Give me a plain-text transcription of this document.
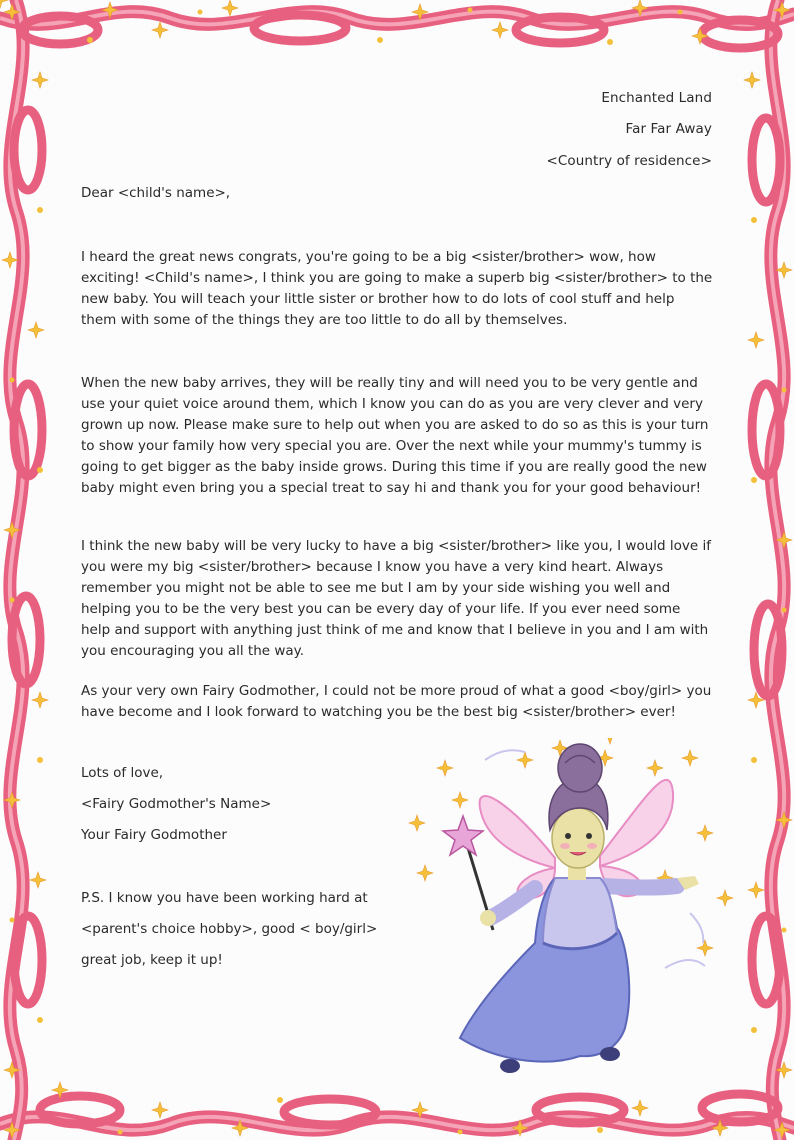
Enchanted Land
Far Far Away
<Country of residence>
Dear <child's name>,

I heard the great news congrats, you're going to be a big <sister/brother> wow, how exciting! <Child's name>, I think you are going to make a superb big <sister/brother> to the new baby. You will teach your little sister or brother how to do lots of cool stuff and help them with some of the things they are too little to do all by themselves.

When the new baby arrives, they will be really tiny and will need you to be very gentle and use your quiet voice around them, which I know you can do as you are very clever and very grown up now. Please make sure to help out when you are asked to do so as this is your turn to show your family how very special you are. Over the next while your mummy's tummy is going to get bigger as the baby inside grows. During this time if you are really good the new baby might even bring you a special treat to say hi and thank you for your good behaviour!

I think the new baby will be very lucky to have a big <sister/brother> like you, I would love if you were my big <sister/brother> because I know you have a very kind heart. Always remember you might not be able to see me but I am by your side wishing you well and helping you to be the very best you can be every day of your life. If you ever need some help and support with anything just think of me and know that I believe in you and I am with you encouraging you all the way.

As your very own Fairy Godmother, I could not be more proud of what a good <boy/girl> you have become and I look forward to watching you be the best big <sister/brother> ever!

Lots of love,
<Fairy Godmother's Name>
Your Fairy Godmother
P.S. I know you have been working hard at
<parent's choice hobby>, good < boy/girl>
great job, keep it up!
